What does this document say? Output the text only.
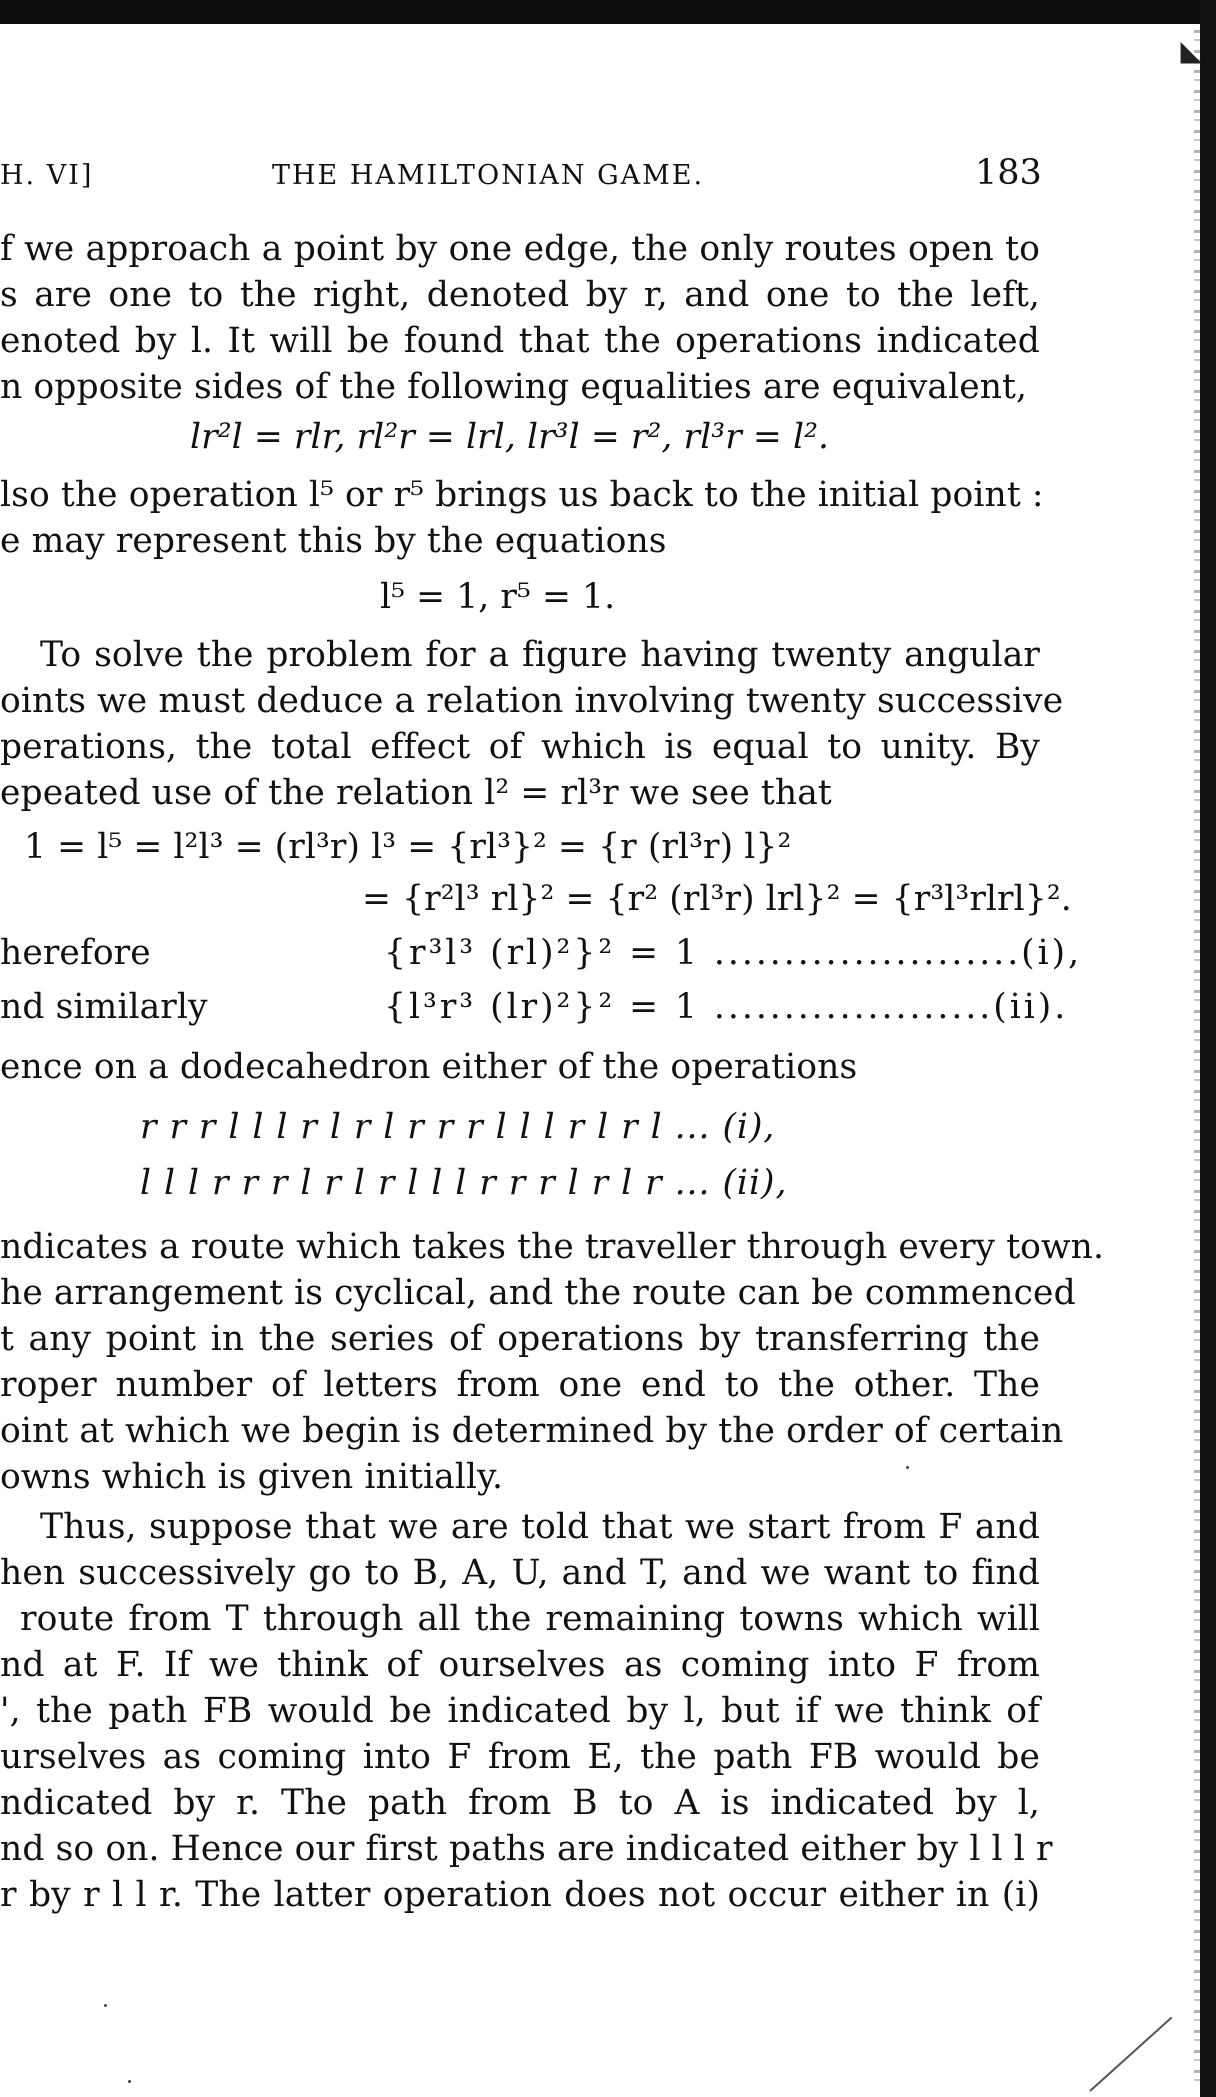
◣
H. VI]	THE HAMILTONIAN GAME.	183
f we approach a point by one edge, the only routes open to
s are one to the right, denoted by r, and one to the left,
enoted by l. It will be found that the operations indicated
n opposite sides of the following equalities are equivalent,
lr²l = rlr, rl²r = lrl, lr³l = r², rl³r = l².
lso the operation l⁵ or r⁵ brings us back to the initial point :
e may represent this by the equations
l⁵ = 1, r⁵ = 1.
To solve the problem for a figure having twenty angular
oints we must deduce a relation involving twenty successive
perations, the total effect of which is equal to unity. By
epeated use of the relation l² = rl³r we see that
1 = l⁵ = l²l³ = (rl³r) l³ = {rl³}² = {r (rl³r) l}²
= {r²l³ rl}² = {r² (rl³r) lrl}² = {r³l³rlrl}².
herefore	{r³l³ (rl)²}² = 1 ......................(i),
nd similarly	{l³r³ (lr)²}² = 1 ....................(ii).
ence on a dodecahedron either of the operations
r r r l l l r l r l r r r l l l r l r l ... (i),
l l l r r r l r l r l l l r r r l r l r ... (ii),
ndicates a route which takes the traveller through every town.
he arrangement is cyclical, and the route can be commenced
t any point in the series of operations by transferring the
roper number of letters from one end to the other. The
oint at which we begin is determined by the order of certain
owns which is given initially.
Thus, suppose that we are told that we start from F and
hen successively go to B, A, U, and T, and we want to find
route from T through all the remaining towns which will
nd at F. If we think of ourselves as coming into F from
', the path FB would be indicated by l, but if we think of
urselves as coming into F from E, the path FB would be
ndicated by r. The path from B to A is indicated by l,
nd so on. Hence our first paths are indicated either by l l l r
r by r l l r. The latter operation does not occur either in (i)
